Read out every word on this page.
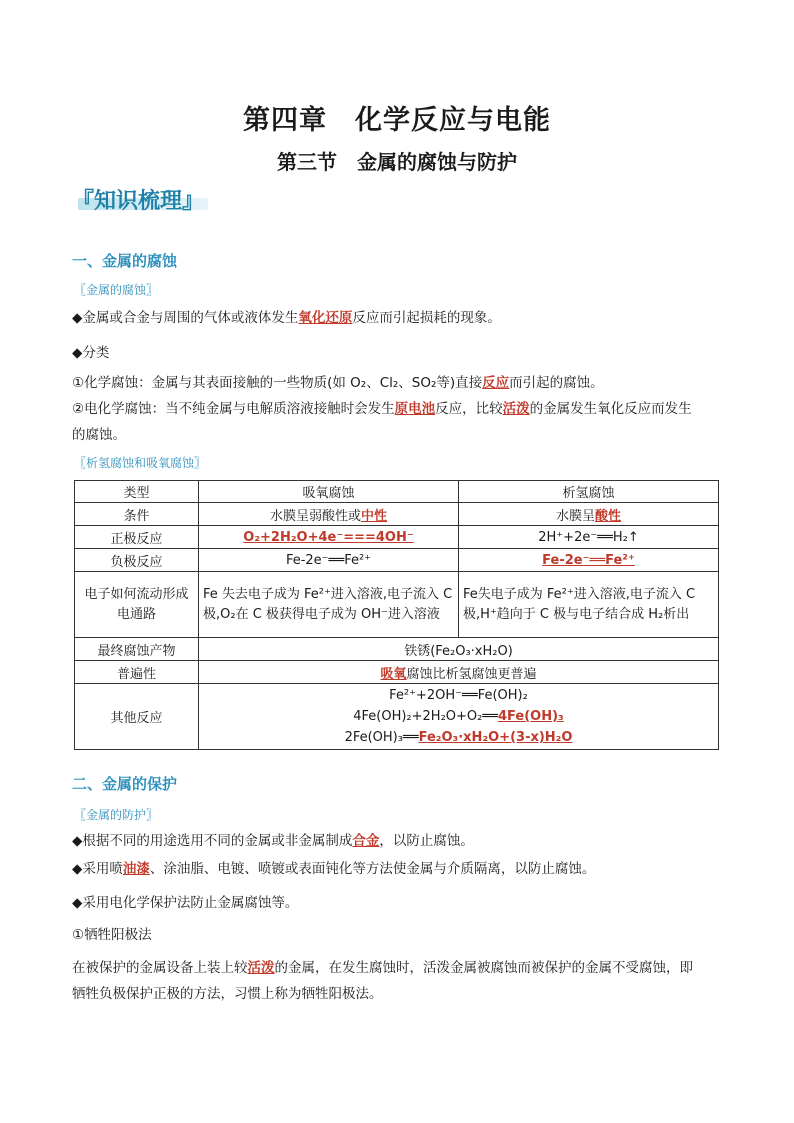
第四章　化学反应与电能
第三节　金属的腐蚀与防护
『知识梳理』
一、金属的腐蚀
〖金属的腐蚀〗
◆金属或合金与周围的气体或液体发生氧化还原反应而引起损耗的现象。
◆分类
①化学腐蚀：金属与其表面接触的一些物质(如 O₂、Cl₂、SO₂等)直接反应而引起的腐蚀。
②电化学腐蚀：当不纯金属与电解质溶液接触时会发生原电池反应，比较活泼的金属发生氧化反应而发生
的腐蚀。
〖析氢腐蚀和吸氧腐蚀〗
类型	吸氧腐蚀	析氢腐蚀
条件	水膜呈弱酸性或中性	水膜呈酸性
正极反应	O₂+2H₂O+4e⁻===4OH⁻	2H⁺+2e⁻══H₂↑
负极反应	Fe-2e⁻══Fe²⁺	Fe-2e⁻══Fe²⁺
电子如何流动形成电通路	Fe 失去电子成为 Fe²⁺进入溶液,电子流入 C 极,O₂在 C 极获得电子成为 OH⁻进入溶液	Fe失电子成为 Fe²⁺进入溶液,电子流入 C 极,H⁺趋向于 C 极与电子结合成 H₂析出
最终腐蚀产物	铁锈(Fe₂O₃·xH₂O)	
普遍性	吸氧腐蚀比析氢腐蚀更普遍	
其他反应	Fe²⁺+2OH⁻══Fe(OH)₂
4Fe(OH)₂+2H₂O+O₂══4Fe(OH)₃
2Fe(OH)₃══Fe₂O₃·xH₂O+(3-x)H₂O	
二、金属的保护
〖金属的防护〗
◆根据不同的用途选用不同的金属或非金属制成合金，以防止腐蚀。
◆采用喷油漆、涂油脂、电镀、喷镀或表面钝化等方法使金属与介质隔离，以防止腐蚀。
◆采用电化学保护法防止金属腐蚀等。
①牺牲阳极法
在被保护的金属设备上装上较活泼的金属，在发生腐蚀时，活泼金属被腐蚀而被保护的金属不受腐蚀，即
牺牲负极保护正极的方法，习惯上称为牺牲阳极法。
